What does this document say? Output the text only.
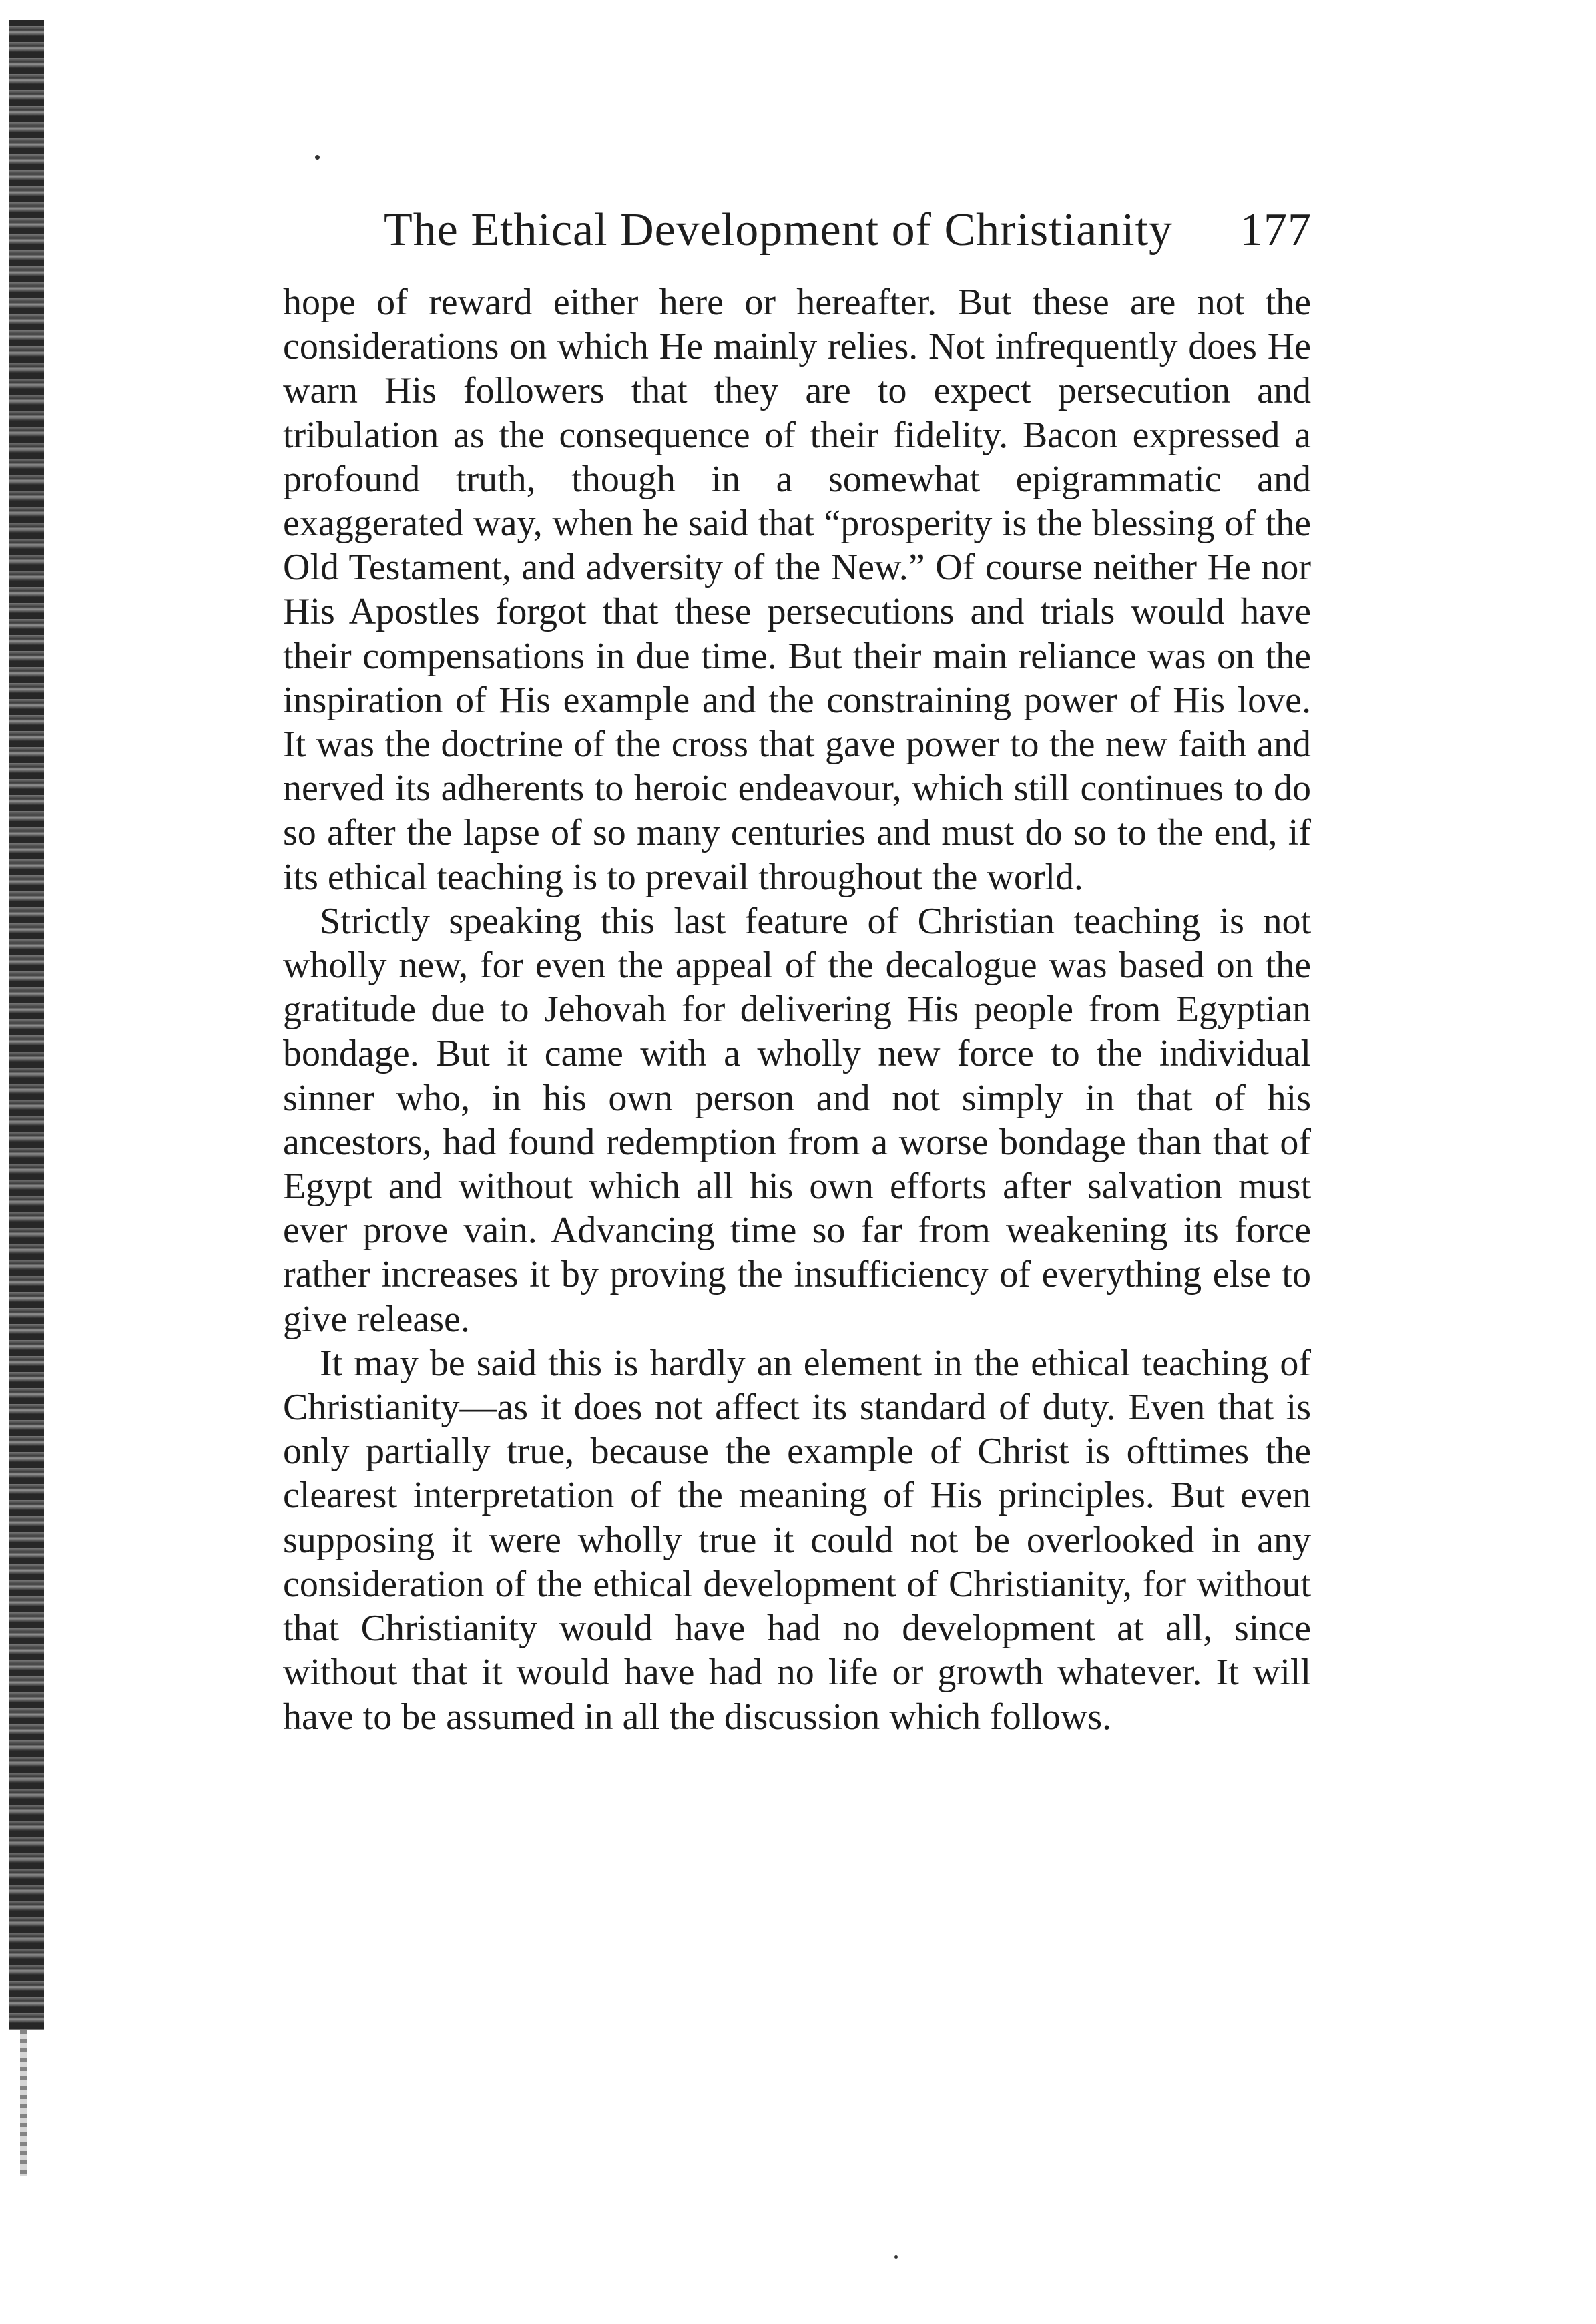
The Ethical Development of Christianity 177

hope of reward either here or hereafter. But these are not the considerations on which He mainly relies. Not infrequently does He warn His followers that they are to expect persecution and tribulation as the consequence of their fidelity. Bacon expressed a profound truth, though in a somewhat epigrammatic and exaggerated way, when he said that “prosperity is the blessing of the Old Testament, and adversity of the New.” Of course neither He nor His Apostles forgot that these persecutions and trials would have their compensations in due time. But their main reliance was on the inspiration of His example and the constraining power of His love. It was the doctrine of the cross that gave power to the new faith and nerved its adherents to heroic endeavour, which still continues to do so after the lapse of so many centuries and must do so to the end, if its ethical teaching is to prevail throughout the world.

Strictly speaking this last feature of Christian teaching is not wholly new, for even the appeal of the decalogue was based on the gratitude due to Jehovah for delivering His people from Egyptian bondage. But it came with a wholly new force to the individual sinner who, in his own person and not simply in that of his ancestors, had found redemption from a worse bondage than that of Egypt and without which all his own efforts after salvation must ever prove vain. Advancing time so far from weakening its force rather increases it by proving the insufficiency of everything else to give release.

It may be said this is hardly an element in the ethical teaching of Christianity—as it does not affect its standard of duty. Even that is only partially true, because the example of Christ is ofttimes the clearest interpretation of the meaning of His principles. But even supposing it were wholly true it could not be overlooked in any consideration of the ethical development of Christianity, for without that Christianity would have had no development at all, since without that it would have had no life or growth whatever. It will have to be assumed in all the discussion which follows.
